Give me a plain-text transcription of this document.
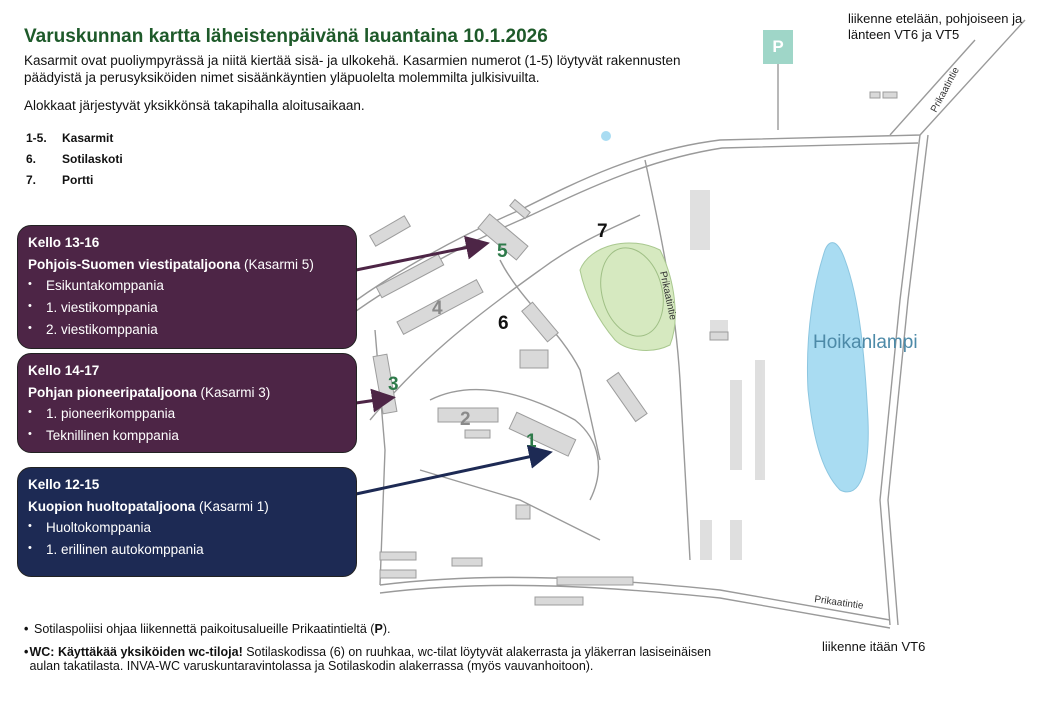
5
4
6
3
2
1
7
Hoikanlampi
Prikaatintie
Prikaatintie
Prikaatintie
Varuskunnan kartta läheistenpäivänä lauantaina 10.1.2026
Kasarmit ovat puoliympyrässä ja niitä kiertää sisä- ja ulkokehä. Kasarmien numerot (1-5) löytyvät rakennusten päädyistä ja perusyksiköiden nimet sisäänkäyntien yläpuolelta molemmilta julkisivuilta.
Alokkaat järjestyvät yksikkönsä takapihalla aloitusaikaan.
1-5.	Kasarmit
6.	Sotilaskoti
7.	Portti
liikenne etelään, pohjoiseen ja länteen VT6 ja VT5
liikenne itään VT6
P
Kello 13-16
Pohjois-Suomen viestipataljoona (Kasarmi 5)
•	Esikuntakomppania
•	1. viestikomppania
•	2. viestikomppania
Kello 14-17
Pohjan pioneeripataljoona (Kasarmi 3)
•	1. pioneerikomppania
•	Teknillinen komppania
Kello 12-15
Kuopion huoltopataljoona (Kasarmi 1)
•	Huoltokomppania
•	1. erillinen autokomppania
• Sotilaspoliisi ohjaa liikennettä paikoitusalueille Prikaatintieltä (P).
• WC: Käyttäkää yksiköiden wc-tiloja! Sotilaskodissa (6) on ruuhkaa, wc-tilat löytyvät alakerrasta ja yläkerran lasiseinäisen aulan takatilasta. INVA-WC varuskuntaravintolassa ja Sotilaskodin alakerrassa (myös vauvanhoitoon).
